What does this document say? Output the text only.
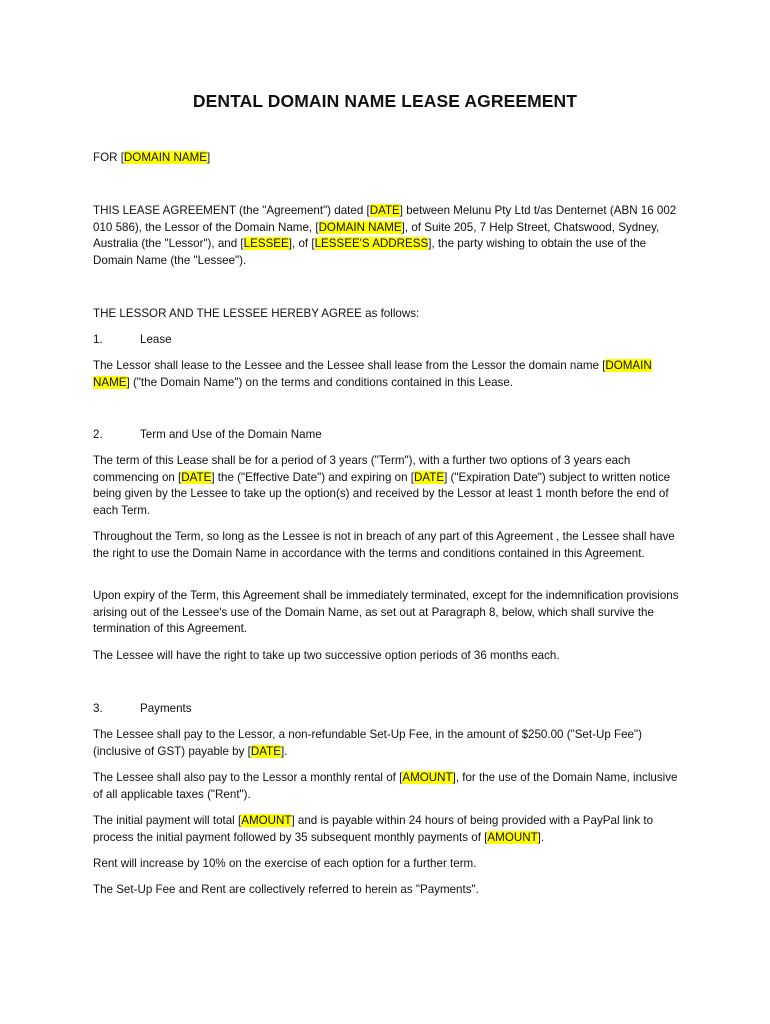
DENTAL DOMAIN NAME LEASE AGREEMENT
FOR [DOMAIN NAME]
THIS LEASE AGREEMENT (the "Agreement") dated [DATE] between Melunu Pty Ltd t/as Denternet (ABN 16 002 010 586), the Lessor of the Domain Name, [DOMAIN NAME], of Suite 205, 7 Help Street, Chatswood, Sydney, Australia (the "Lessor"), and [LESSEE], of [LESSEE'S ADDRESS], the party wishing to obtain the use of the Domain Name (the "Lessee").
THE LESSOR AND THE LESSEE HEREBY AGREE as follows:
1.	Lease
The Lessor shall lease to the Lessee and the Lessee shall lease from the Lessor the domain name [DOMAIN NAME] ("the Domain Name") on the terms and conditions contained in this Lease.
2.	Term and Use of the Domain Name
The term of this Lease shall be for a period of 3 years ("Term"), with a further two options of 3 years each commencing on [DATE] the ("Effective Date") and expiring on [DATE] ("Expiration Date") subject to written notice being given by the Lessee to take up the option(s) and received by the Lessor at least 1 month before the end of each Term.
Throughout the Term, so long as the Lessee is not in breach of any part of this Agreement , the Lessee shall have the right to use the Domain Name in accordance with the terms and conditions contained in this Agreement.
Upon expiry of the Term, this Agreement shall be immediately terminated, except for the indemnification provisions arising out of the Lessee's use of the Domain Name, as set out at Paragraph 8, below, which shall survive the termination of this Agreement.
The Lessee will have the right to take up two successive option periods of 36 months each.
3.	Payments
The Lessee shall pay to the Lessor, a non-refundable Set-Up Fee, in the amount of $250.00 ("Set-Up Fee") (inclusive of GST) payable by [DATE].
The Lessee shall also pay to the Lessor a monthly rental of [AMOUNT], for the use of the Domain Name, inclusive of all applicable taxes ("Rent").
The initial payment will total [AMOUNT] and is payable within 24 hours of being provided with a PayPal link to process the initial payment followed by 35 subsequent monthly payments of [AMOUNT].
Rent will increase by 10% on the exercise of each option for a further term.
The Set-Up Fee and Rent are collectively referred to herein as "Payments".
